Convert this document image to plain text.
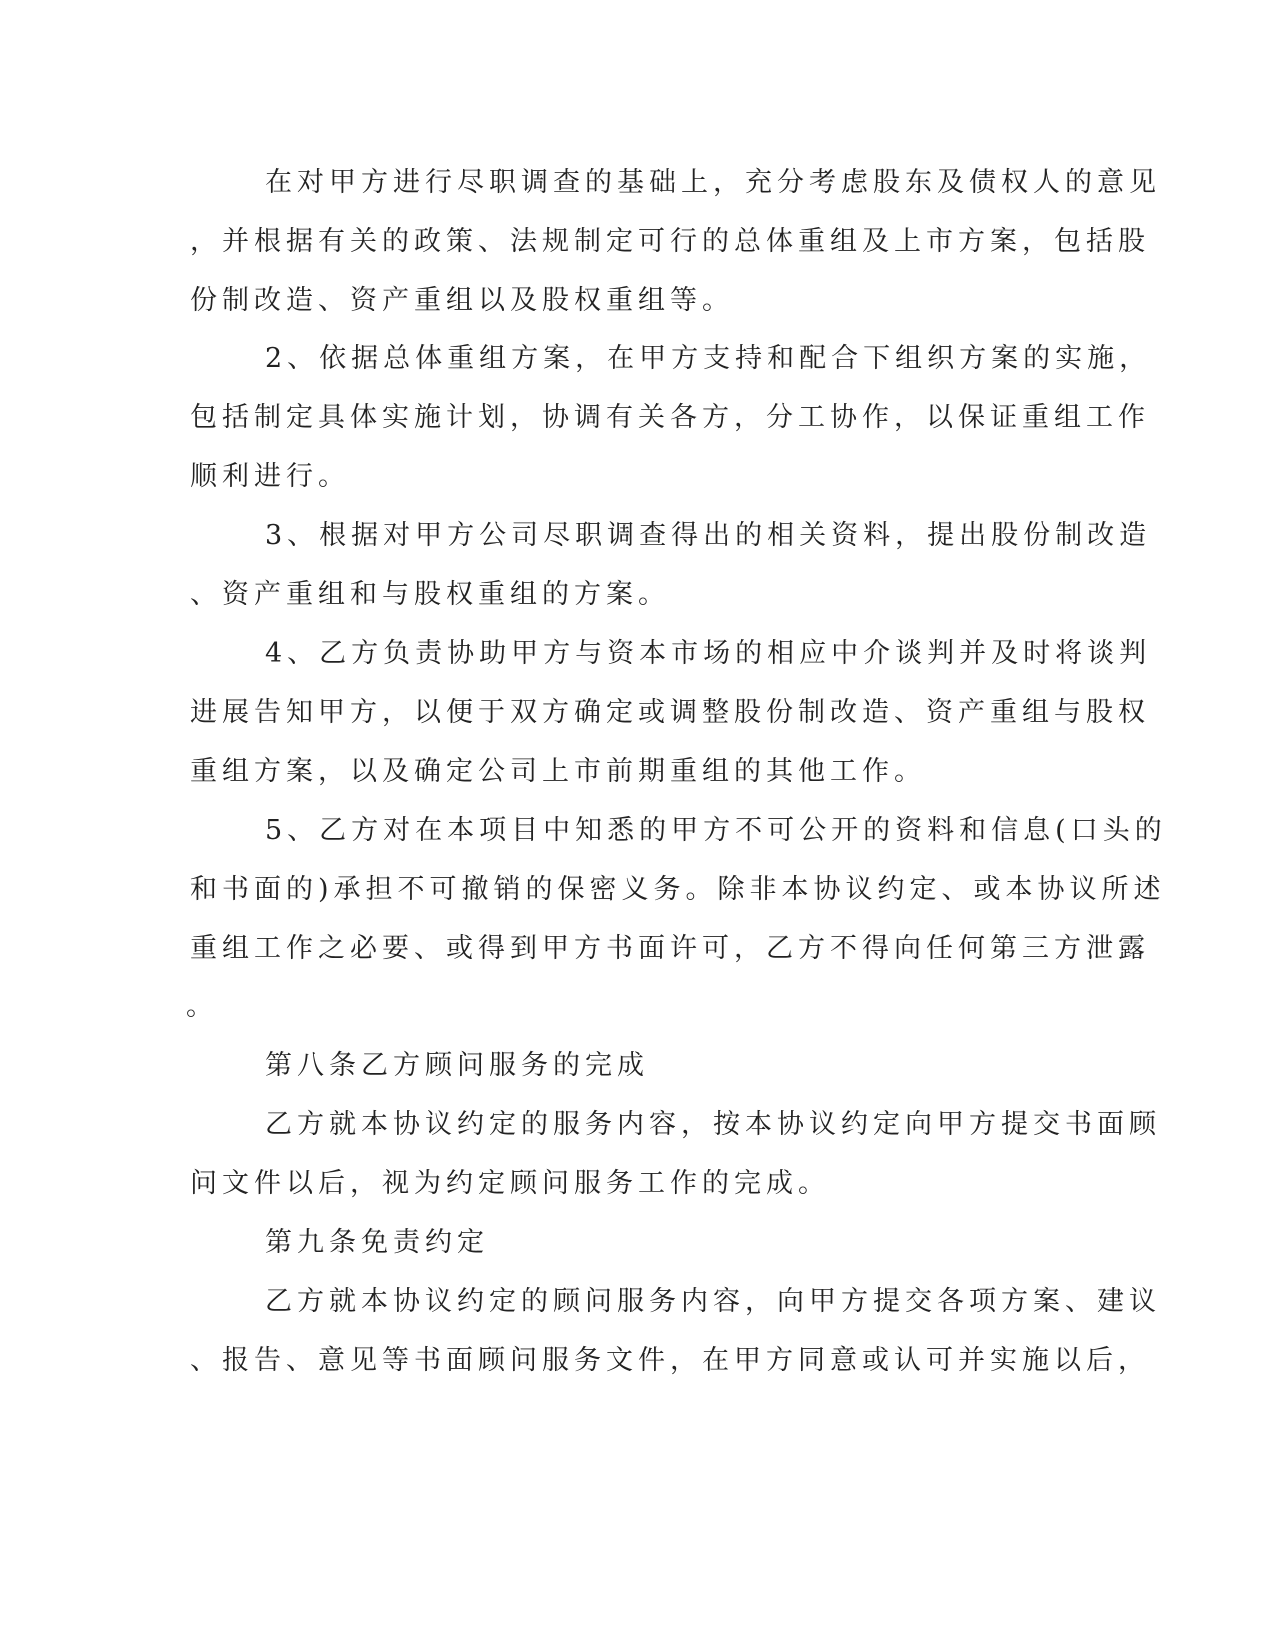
在对甲方进行尽职调查的基础上，充分考虑股东及债权人的意见

，并根据有关的政策、法规制定可行的总体重组及上市方案，包括股

份制改造、资产重组以及股权重组等。

2、依据总体重组方案，在甲方支持和配合下组织方案的实施，

包括制定具体实施计划，协调有关各方，分工协作，以保证重组工作

顺利进行。

3、根据对甲方公司尽职调查得出的相关资料，提出股份制改造

、资产重组和与股权重组的方案。

4、乙方负责协助甲方与资本市场的相应中介谈判并及时将谈判

进展告知甲方，以便于双方确定或调整股份制改造、资产重组与股权

重组方案，以及确定公司上市前期重组的其他工作。

5、乙方对在本项目中知悉的甲方不可公开的资料和信息(口头的

和书面的)承担不可撤销的保密义务。除非本协议约定、或本协议所述

重组工作之必要、或得到甲方书面许可，乙方不得向任何第三方泄露

。

第八条乙方顾问服务的完成

乙方就本协议约定的服务内容，按本协议约定向甲方提交书面顾

问文件以后，视为约定顾问服务工作的完成。

第九条免责约定

乙方就本协议约定的顾问服务内容，向甲方提交各项方案、建议

、报告、意见等书面顾问服务文件，在甲方同意或认可并实施以后，
